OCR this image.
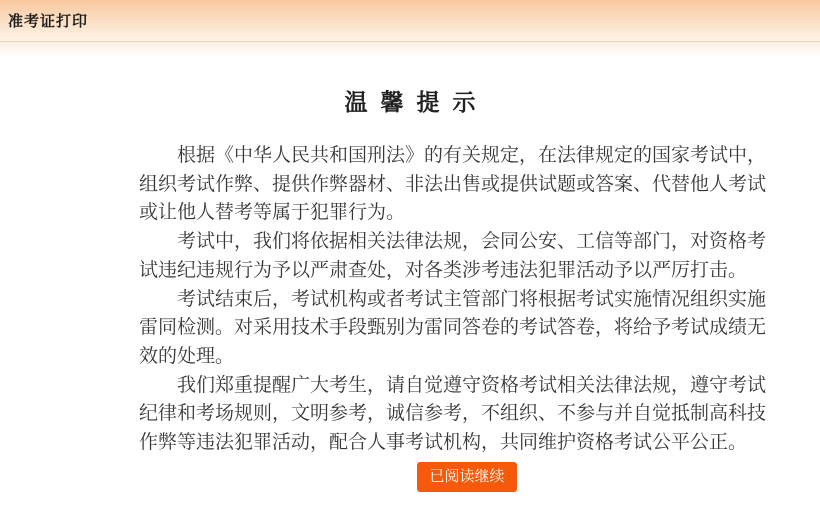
准考证打印
温馨提示
根据《中华人民共和国刑法》的有关规定，在法律规定的国家考试中，
组织考试作弊、提供作弊器材、非法出售或提供试题或答案、代替他人考试
或让他人替考等属于犯罪行为。
考试中，我们将依据相关法律法规，会同公安、工信等部门，对资格考
试违纪违规行为予以严肃查处，对各类涉考违法犯罪活动予以严厉打击。
考试结束后，考试机构或者考试主管部门将根据考试实施情况组织实施
雷同检测。对采用技术手段甄别为雷同答卷的考试答卷，将给予考试成绩无
效的处理。
我们郑重提醒广大考生，请自觉遵守资格考试相关法律法规，遵守考试
纪律和考场规则，文明参考，诚信参考，不组织、不参与并自觉抵制高科技
作弊等违法犯罪活动，配合人事考试机构，共同维护资格考试公平公正。
已阅读继续
